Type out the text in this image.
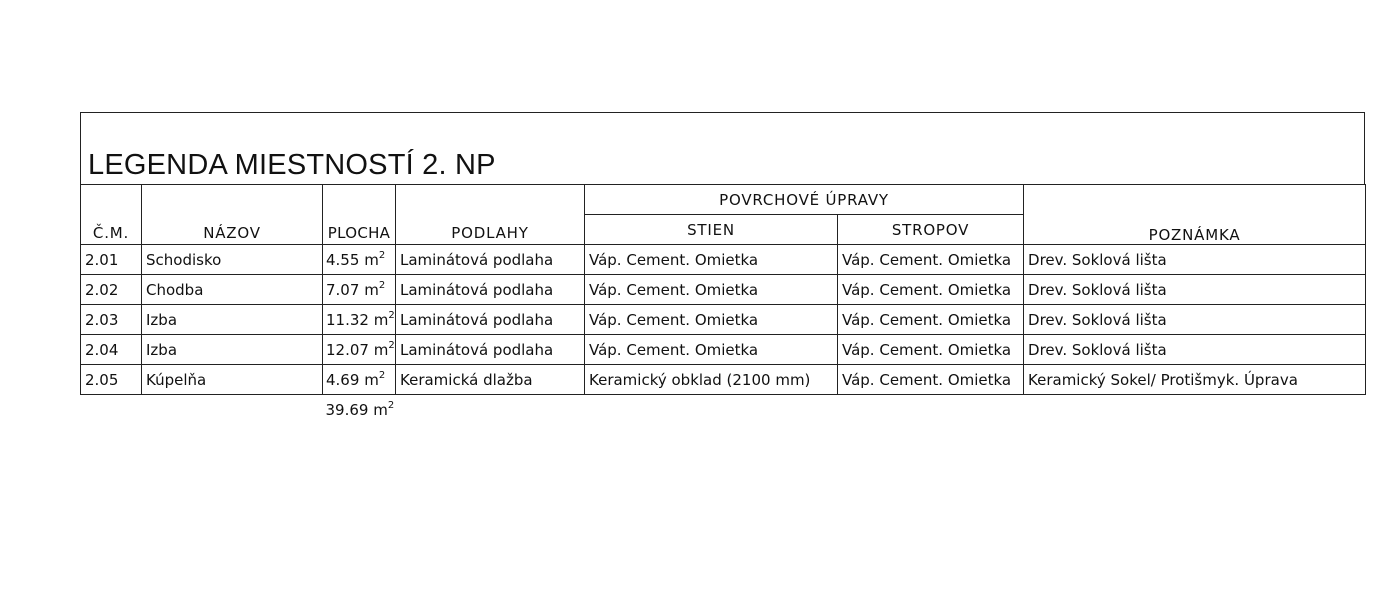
LEGENDA MIESTNOSTÍ 2. NP
Č.M.	NÁZOV	PLOCHA	PODLAHY	POVRCHOVÉ ÚPRAVY		POZNÁMKA
				STIEN	STROPOV	
2.01	Schodisko	4.55 $m^2$	Laminátová podlaha	Váp. Cement. Omietka	Váp. Cement. Omietka	Drev. Soklová lišta
2.02	Chodba	7.07 $m^2$	Laminátová podlaha	Váp. Cement. Omietka	Váp. Cement. Omietka	Drev. Soklová lišta
2.03	Izba	11.32 $m^2$	Laminátová podlaha	Váp. Cement. Omietka	Váp. Cement. Omietka	Drev. Soklová lišta
2.04	Izba	12.07 $m^2$	Laminátová podlaha	Váp. Cement. Omietka	Váp. Cement. Omietka	Drev. Soklová lišta
2.05	Kúpelňa	4.69 $m^2$	Keramická dlažba	Keramický obklad (2100 mm)	Váp. Cement. Omietka	Keramický Sokel/ Protišmyk. Úprava
		39.69 $m^2$				
